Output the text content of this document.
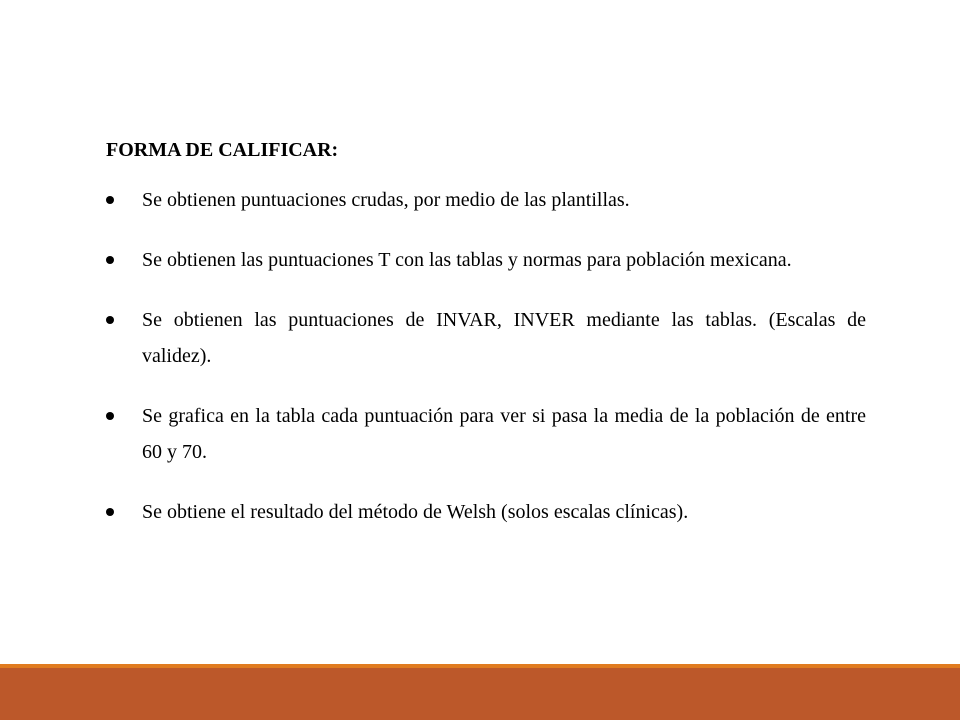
FORMA DE CALIFICAR:
Se obtienen puntuaciones crudas, por medio de las plantillas.
Se obtienen las puntuaciones T con las tablas y normas para población mexicana.
Se obtienen las puntuaciones de INVAR, INVER mediante las tablas. (Escalas de validez).
Se grafica en la tabla cada puntuación para ver si pasa la media de la población de entre 60 y 70.
Se obtiene el resultado del método de Welsh (solos escalas clínicas).
